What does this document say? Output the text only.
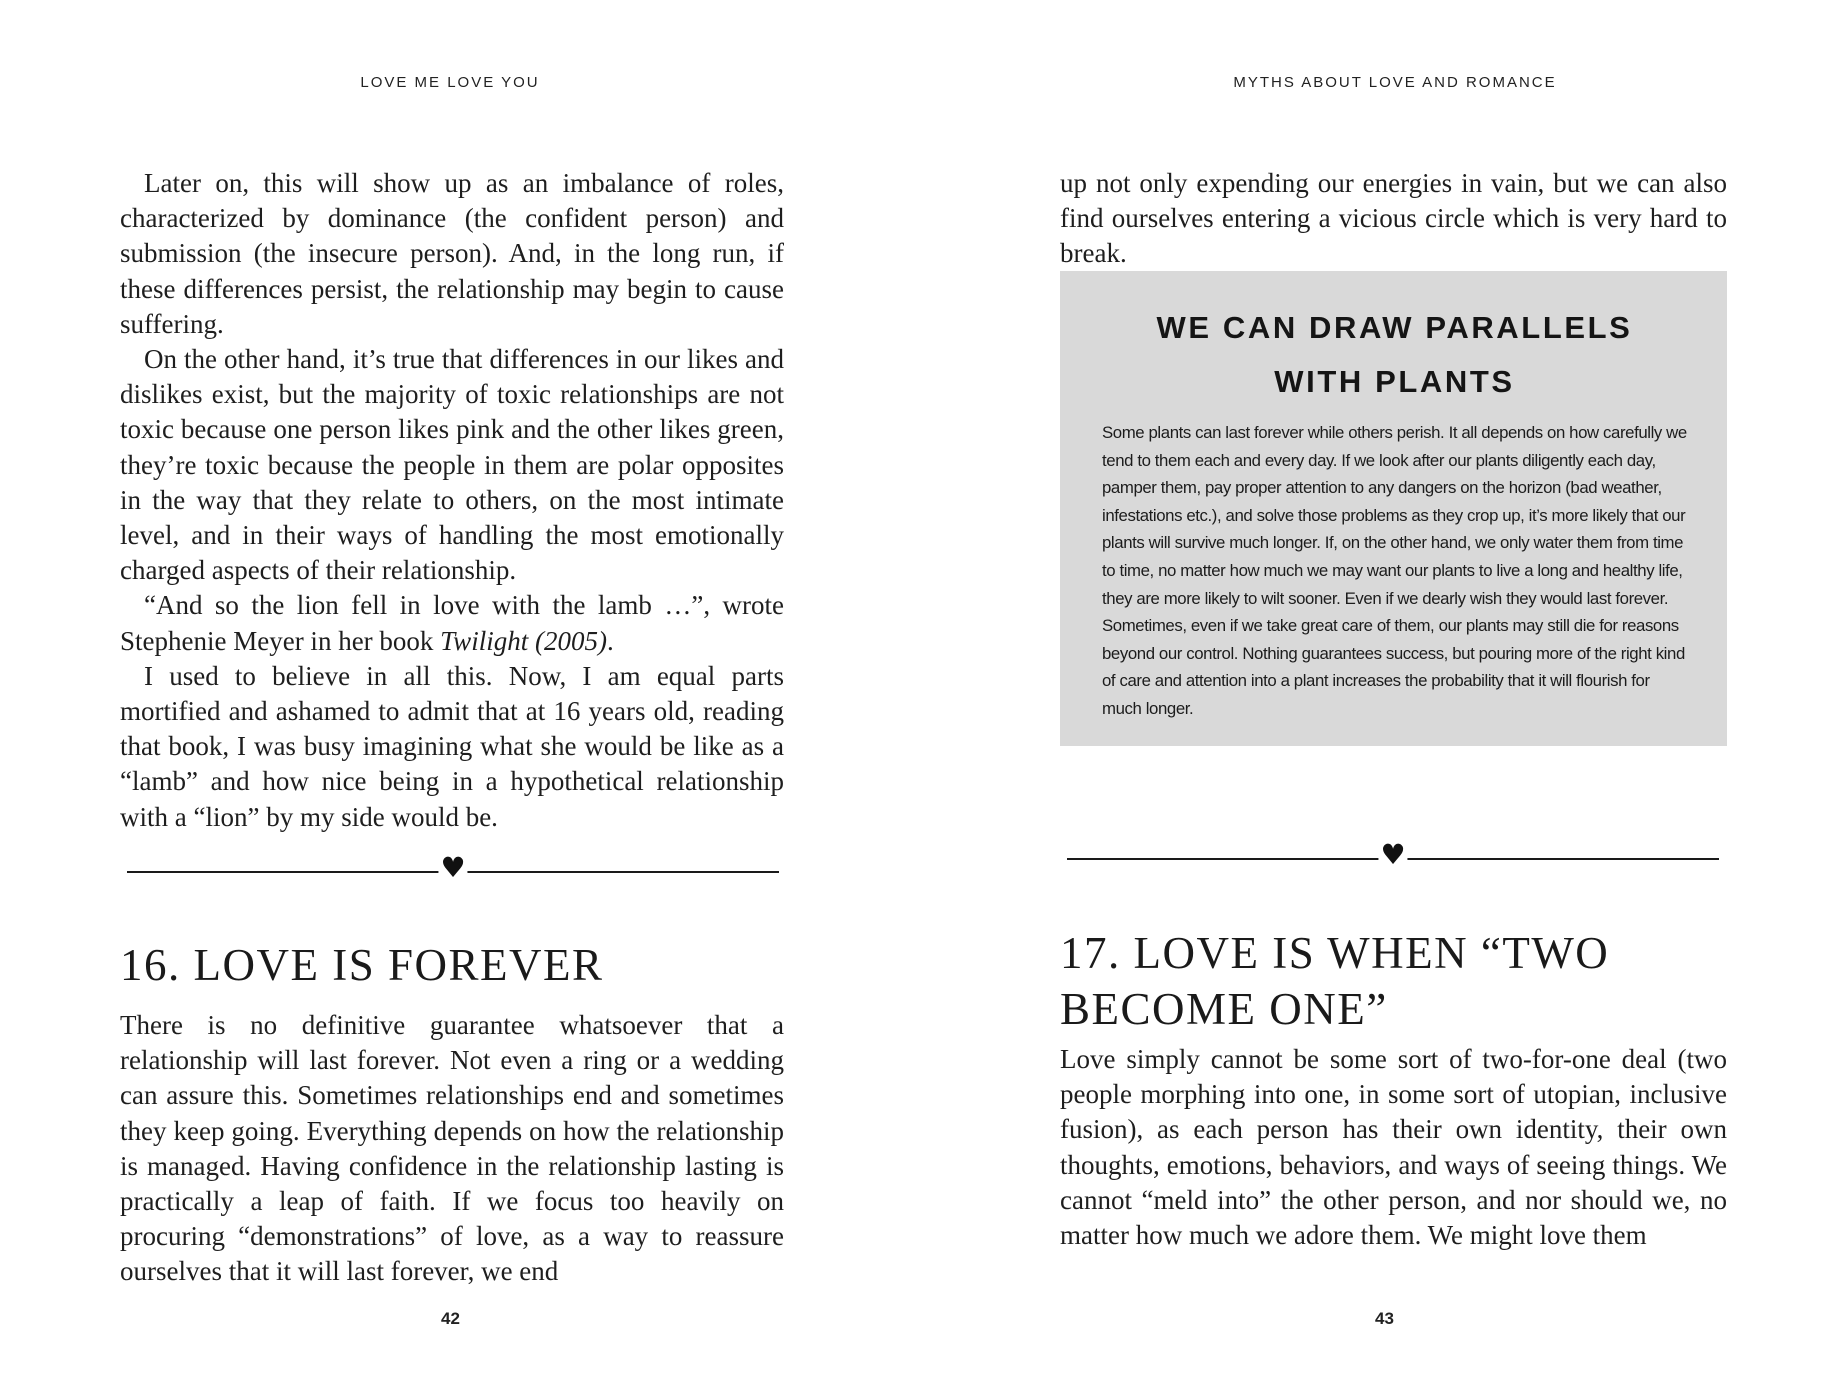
LOVE ME LOVE YOU

Later on, this will show up as an imbalance of roles, characterized by dominance (the confident person) and submission (the insecure person). And, in the long run, if these differences persist, the relationship may begin to cause suffering.

On the other hand, it’s true that differences in our likes and dislikes exist, but the majority of toxic relationships are not toxic because one person likes pink and the other likes green, they’re toxic because the people in them are polar opposites in the way that they relate to others, on the most intimate level, and in their ways of handling the most emotionally charged aspects of their relationship.

“And so the lion fell in love with the lamb …”, wrote Stephenie Meyer in her book Twilight (2005).

I used to believe in all this. Now, I am equal parts mortified and ashamed to admit that at 16 years old, reading that book, I was busy imagining what she would be like as a “lamb” and how nice being in a hypothetical relationship with a “lion” by my side would be.

♥
16. LOVE IS FOREVER

There is no definitive guarantee whatsoever that a relationship will last forever. Not even a ring or a wedding can assure this. Sometimes relationships end and sometimes they keep going. Everything depends on how the relationship is managed. Having confidence in the relationship lasting is practically a leap of faith. If we focus too heavily on procuring “demonstrations” of love, as a way to reassure ourselves that it will last forever, we end

42
MYTHS ABOUT LOVE AND ROMANCE

up not only expending our energies in vain, but we can also find ourselves entering a vicious circle which is very hard to break.

WE CAN DRAW PARALLELS
WITH PLANTS

Some plants can last forever while others perish. It all depends on how carefully we tend to them each and every day. If we look after our plants diligently each day, pamper them, pay proper attention to any dangers on the horizon (bad weather, infestations etc.), and solve those problems as they crop up, it’s more likely that our plants will survive much longer. If, on the other hand, we only water them from time to time, no matter how much we may want our plants to live a long and healthy life, they are more likely to wilt sooner. Even if we dearly wish they would last forever. Sometimes, even if we take great care of them, our plants may still die for reasons beyond our control. Nothing guarantees success, but pouring more of the right kind of care and attention into a plant increases the probability that it will flourish for much longer.

♥
17. LOVE IS WHEN “TWO
BECOME ONE”

Love simply cannot be some sort of two-for-one deal (two people morphing into one, in some sort of utopian, inclusive fusion), as each person has their own identity, their own thoughts, emotions, behaviors, and ways of seeing things. We cannot “meld into” the other person, and nor should we, no matter how much we adore them. We might love them

43
